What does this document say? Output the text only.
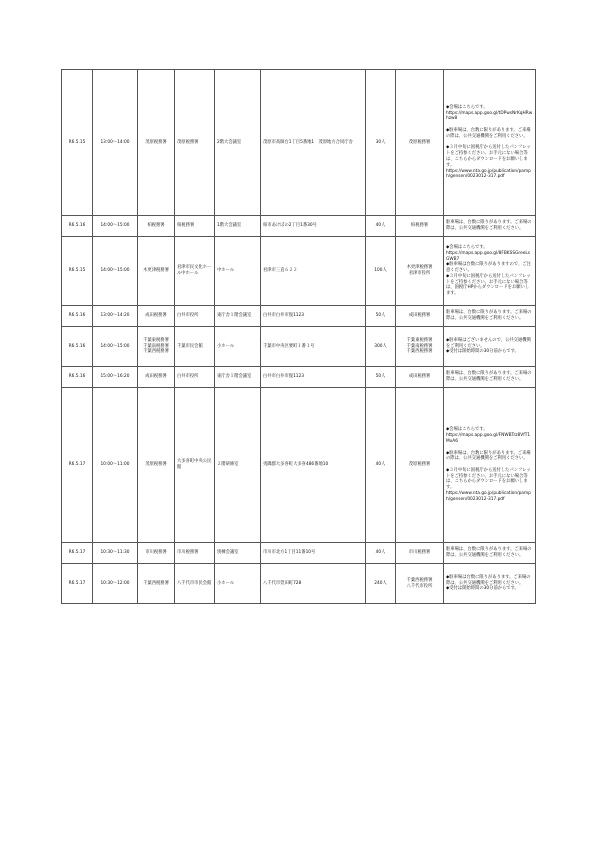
R6.5.15	13:00～14:00	茂原税務署	茂原税務署	2階大会議室	茂原市高師台1丁目5番地1　茂原地方合同庁舎	30人	茂原税務署	◆会場はこちらです。
https://maps.app.goo.gl/tDPwsNrKqHRwhzw8

◆駐車場は、台数に限りがあります。ご来場の際は、公共交通機関をご利用ください。

◆３月中旬に国税庁から送付したパンフレットをご持参ください。お手元にない場合等は、こちらからダウンロードをお願いします。
https://www.nta.go.jp/publication/pamph/gensen/0023012-317.pdf
R6.5.16	14:00～15:00	柏税務署	柏税務署	1階大会議室	柏市あけぼの2丁目1番30号	40人	柏税務署	駐車場は、台数に限りがあります。ご来場の際は、公共交通機関をご利用ください。
R6.5.15	14:00～15:00	木更津税務署	君津市民文化ホール中ホール	中ホール	君津市三直６２２	100人	木更津税務署
君津市役所	◆会場はこちらです。
https://maps.app.goo.gl/8FBKSSGreeLsGWB7
◆駐車場は台数に限りがありますので、ご注意ください。
◆３月中旬に国税庁から送付したパンフレットをご持参ください。お手元にない場合等は、国税庁HPからダウンロードをお願いします。
R6.5.16	13:00～14:20	成田税務署	白井市役所	東庁舎１階会議室	白井市白井市復1123	50人	成田税務署	駐車場は、台数に限りがあります。ご来場の際は、公共交通機関をご利用ください。
R6.5.16	14:00～15:00	千葉東税務署
千葉南税務署
千葉西税務署	千葉市民会館	小ホール	千葉市中央区要町１番１号	300人	千葉東税務署
千葉南税務署
千葉西税務署	◆駐車場はございませんので、公共交通機関をご利用ください。
◆受付は開始時間の30分前からです。
R6.5.16	15:00～16:20	成田税務署	白井市役所	東庁舎１階会議室	白井市白井市復1123	50人	成田税務署	駐車場は、台数に限りがあります。ご来場の際は、公共交通機関をご利用ください。
R6.5.17	10:00～11:00	茂原税務署	大多喜町中央公民館	２階研修室	夷隅郡大多喜町大多喜486番地10	40人	茂原税務署	◆会場はこちらです。
https://maps.app.goo.gl/FNWBTrz8VfT1MxA6

◆駐車場は、台数に限りがあります。ご来場の際は、公共交通機関をご利用ください。

◆３月中旬に国税庁から送付したパンフレットをご持参ください。お手元にない場合等は、こちらからダウンロードをお願いします。
https://www.nta.go.jp/publication/pamph/gensen/0023012-317.pdf
R6.5.17	10:30～11:30	市川税務署	市川税務署	別棟会議室	市川市北方1丁目11番10号	40人	市川税務署	駐車場は、台数に限りがあります。ご来場の際は、公共交通機関をご利用ください。
R6.5.17	10:30～12:00	千葉西税務署	八千代市市民会館	小ホール	八千代市萱田町728	240人	千葉西税務署
八千代市役所	◆駐車場は台数に限りがあります。ご来場の際は、公共交通機関をご利用ください。
◆受付は開始時間の30分前からです。
